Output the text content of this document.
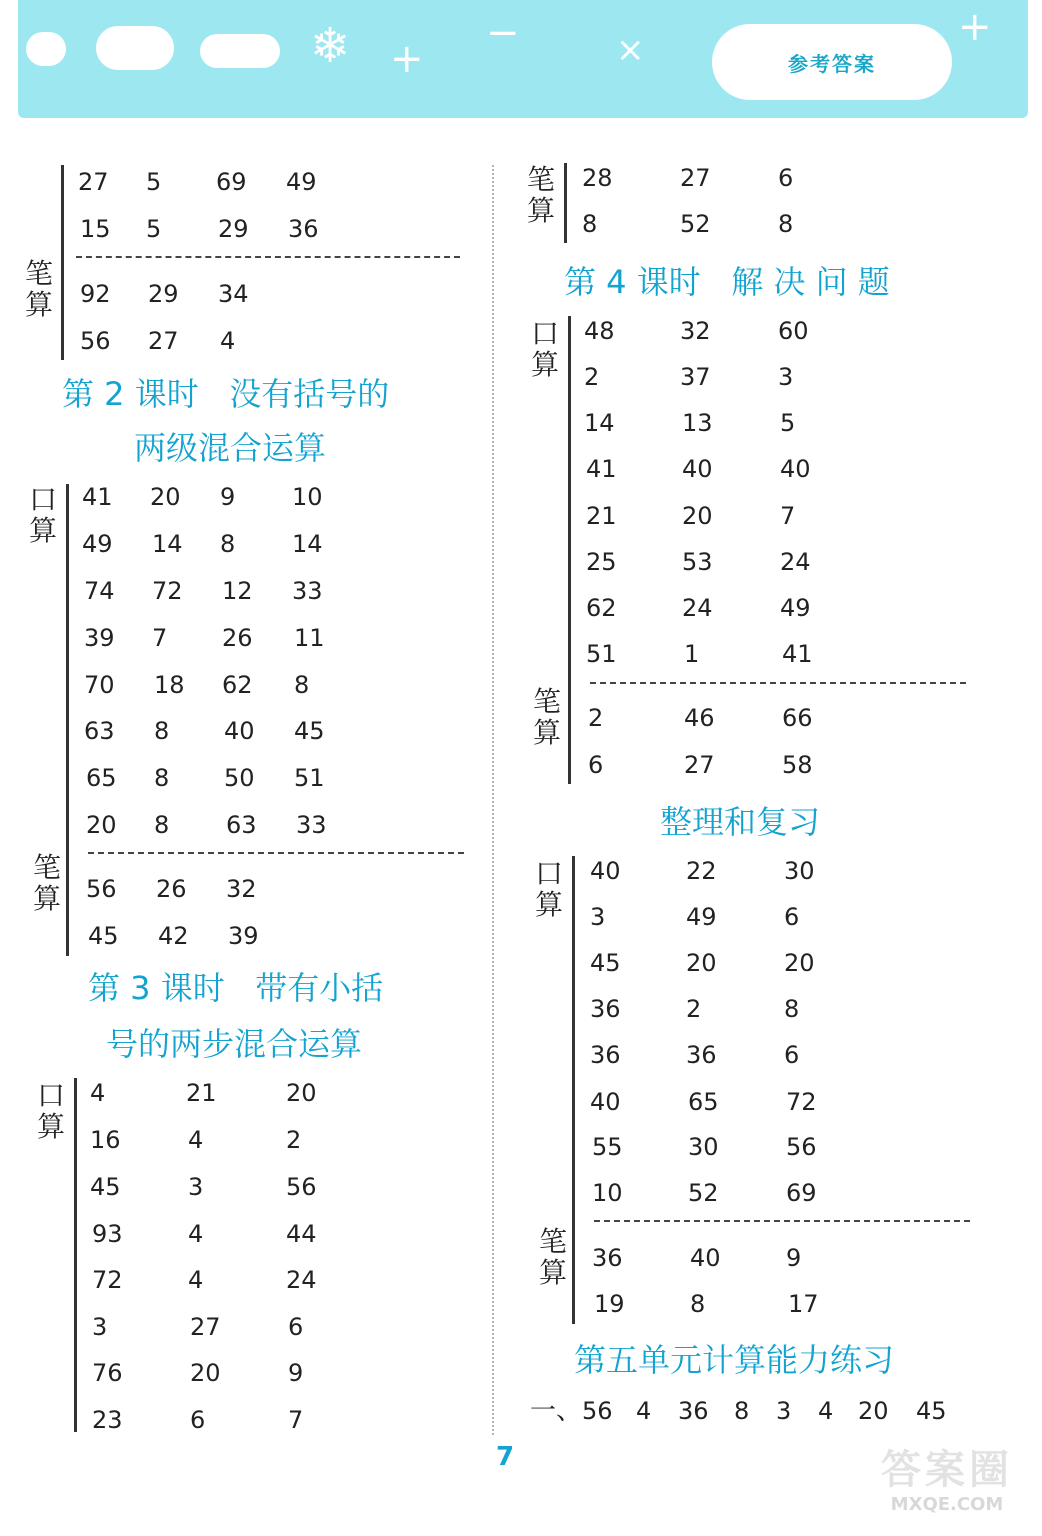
❄ +
−	×	+
参考答案
笔
算
27 5 69 49
15 5 29 36
92 29 34
56 27 4
第 2 课时   没有括号的
两级混合运算
口
算
41 20 9 10
49 14 8 14
74 72 12 33
39 7 26 11
70 18 62 8
63 8 40 45
65 8 50 51
20 8 63 33
笔
算 56 26 32
45 42 39
第 3 课时   带有小括
号的两步混合运算
口
算
4	21	20
16	4	2
45	3	56
93	4	44
72	4	24
3	27	6
76	20	9
23	6	7
笔
算
28	27	6
8	52	8
第 4 课时   解 决 问 题
口
算
48	32	60
2	37	3
14	13	5
41	40	40
21	20	7
25	53	24
62	24	49
51	1	41
笔
算 2	46	66
6	27	58
整理和复习
口
算
40	22	30
3	49	6
45	20	20
36	2	8
36	36	6
40	65	72
55	30	56
10	52	69
笔
算 36	40	9
19	8	17
第五单元计算能力练习
一、 56 4 36 8 3 4 20 45
7	答案圈
MXQE.COM
